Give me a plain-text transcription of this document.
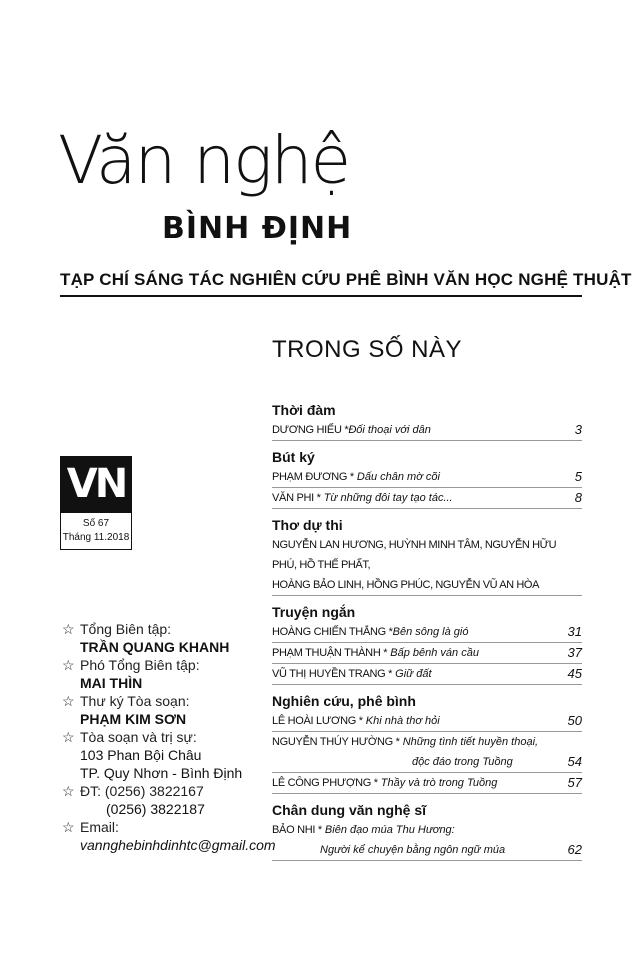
Văn nghệ
BÌNH ĐỊNH
TẠP CHÍ SÁNG TÁC NGHIÊN CỨU PHÊ BÌNH VĂN HỌC NGHỆ THUẬT
TRONG SỐ NÀY
VN
Số 67
Tháng 11.2018
☆ Tổng Biên tập:
TRẦN QUANG KHANH
☆ Phó Tổng Biên tập:
MAI THÌN
☆ Thư ký Tòa soạn:
PHẠM KIM SƠN
☆ Tòa soạn và trị sự:
103 Phan Bội Châu
TP. Quy Nhơn - Bình Định
☆ ĐT: (0256) 3822167
(0256) 3822187
☆ Email:
vannghebinhdinhtc@gmail.com
Thời đàm
DƯƠNG HIẾU *Đối thoại với dân	3
Bút ký
PHẠM ĐƯƠNG * Dấu chân mờ cõi	5
VĂN PHI * Từ những đôi tay tạo tác...	8
Thơ dự thi
NGUYỄN LAN HƯƠNG, HUỲNH MINH TÂM, NGUYỄN HỮU PHÚ, HỒ THẾ PHẤT,
HOÀNG BẢO LINH, HỒNG PHÚC, NGUYỄN VŨ AN HÒA
Truyện ngắn
HOÀNG CHIẾN THẮNG *Bên sông là gió	31
PHẠM THUẬN THÀNH * Bấp bênh ván cầu	37
VŨ THỊ HUYỀN TRANG * Giữ đất	45
Nghiên cứu, phê bình
LÊ HOÀI LƯƠNG * Khi nhà thơ hỏi	50
NGUYỄN THÚY HƯỜNG * Những tình tiết huyền thoại,
độc đáo trong Tuồng	54
LÊ CÔNG PHƯỢNG * Thầy và trò trong Tuồng	57
Chân dung văn nghệ sĩ
BẢO NHI * Biên đạo múa Thu Hương:
Người kể chuyện bằng ngôn ngữ múa	62
